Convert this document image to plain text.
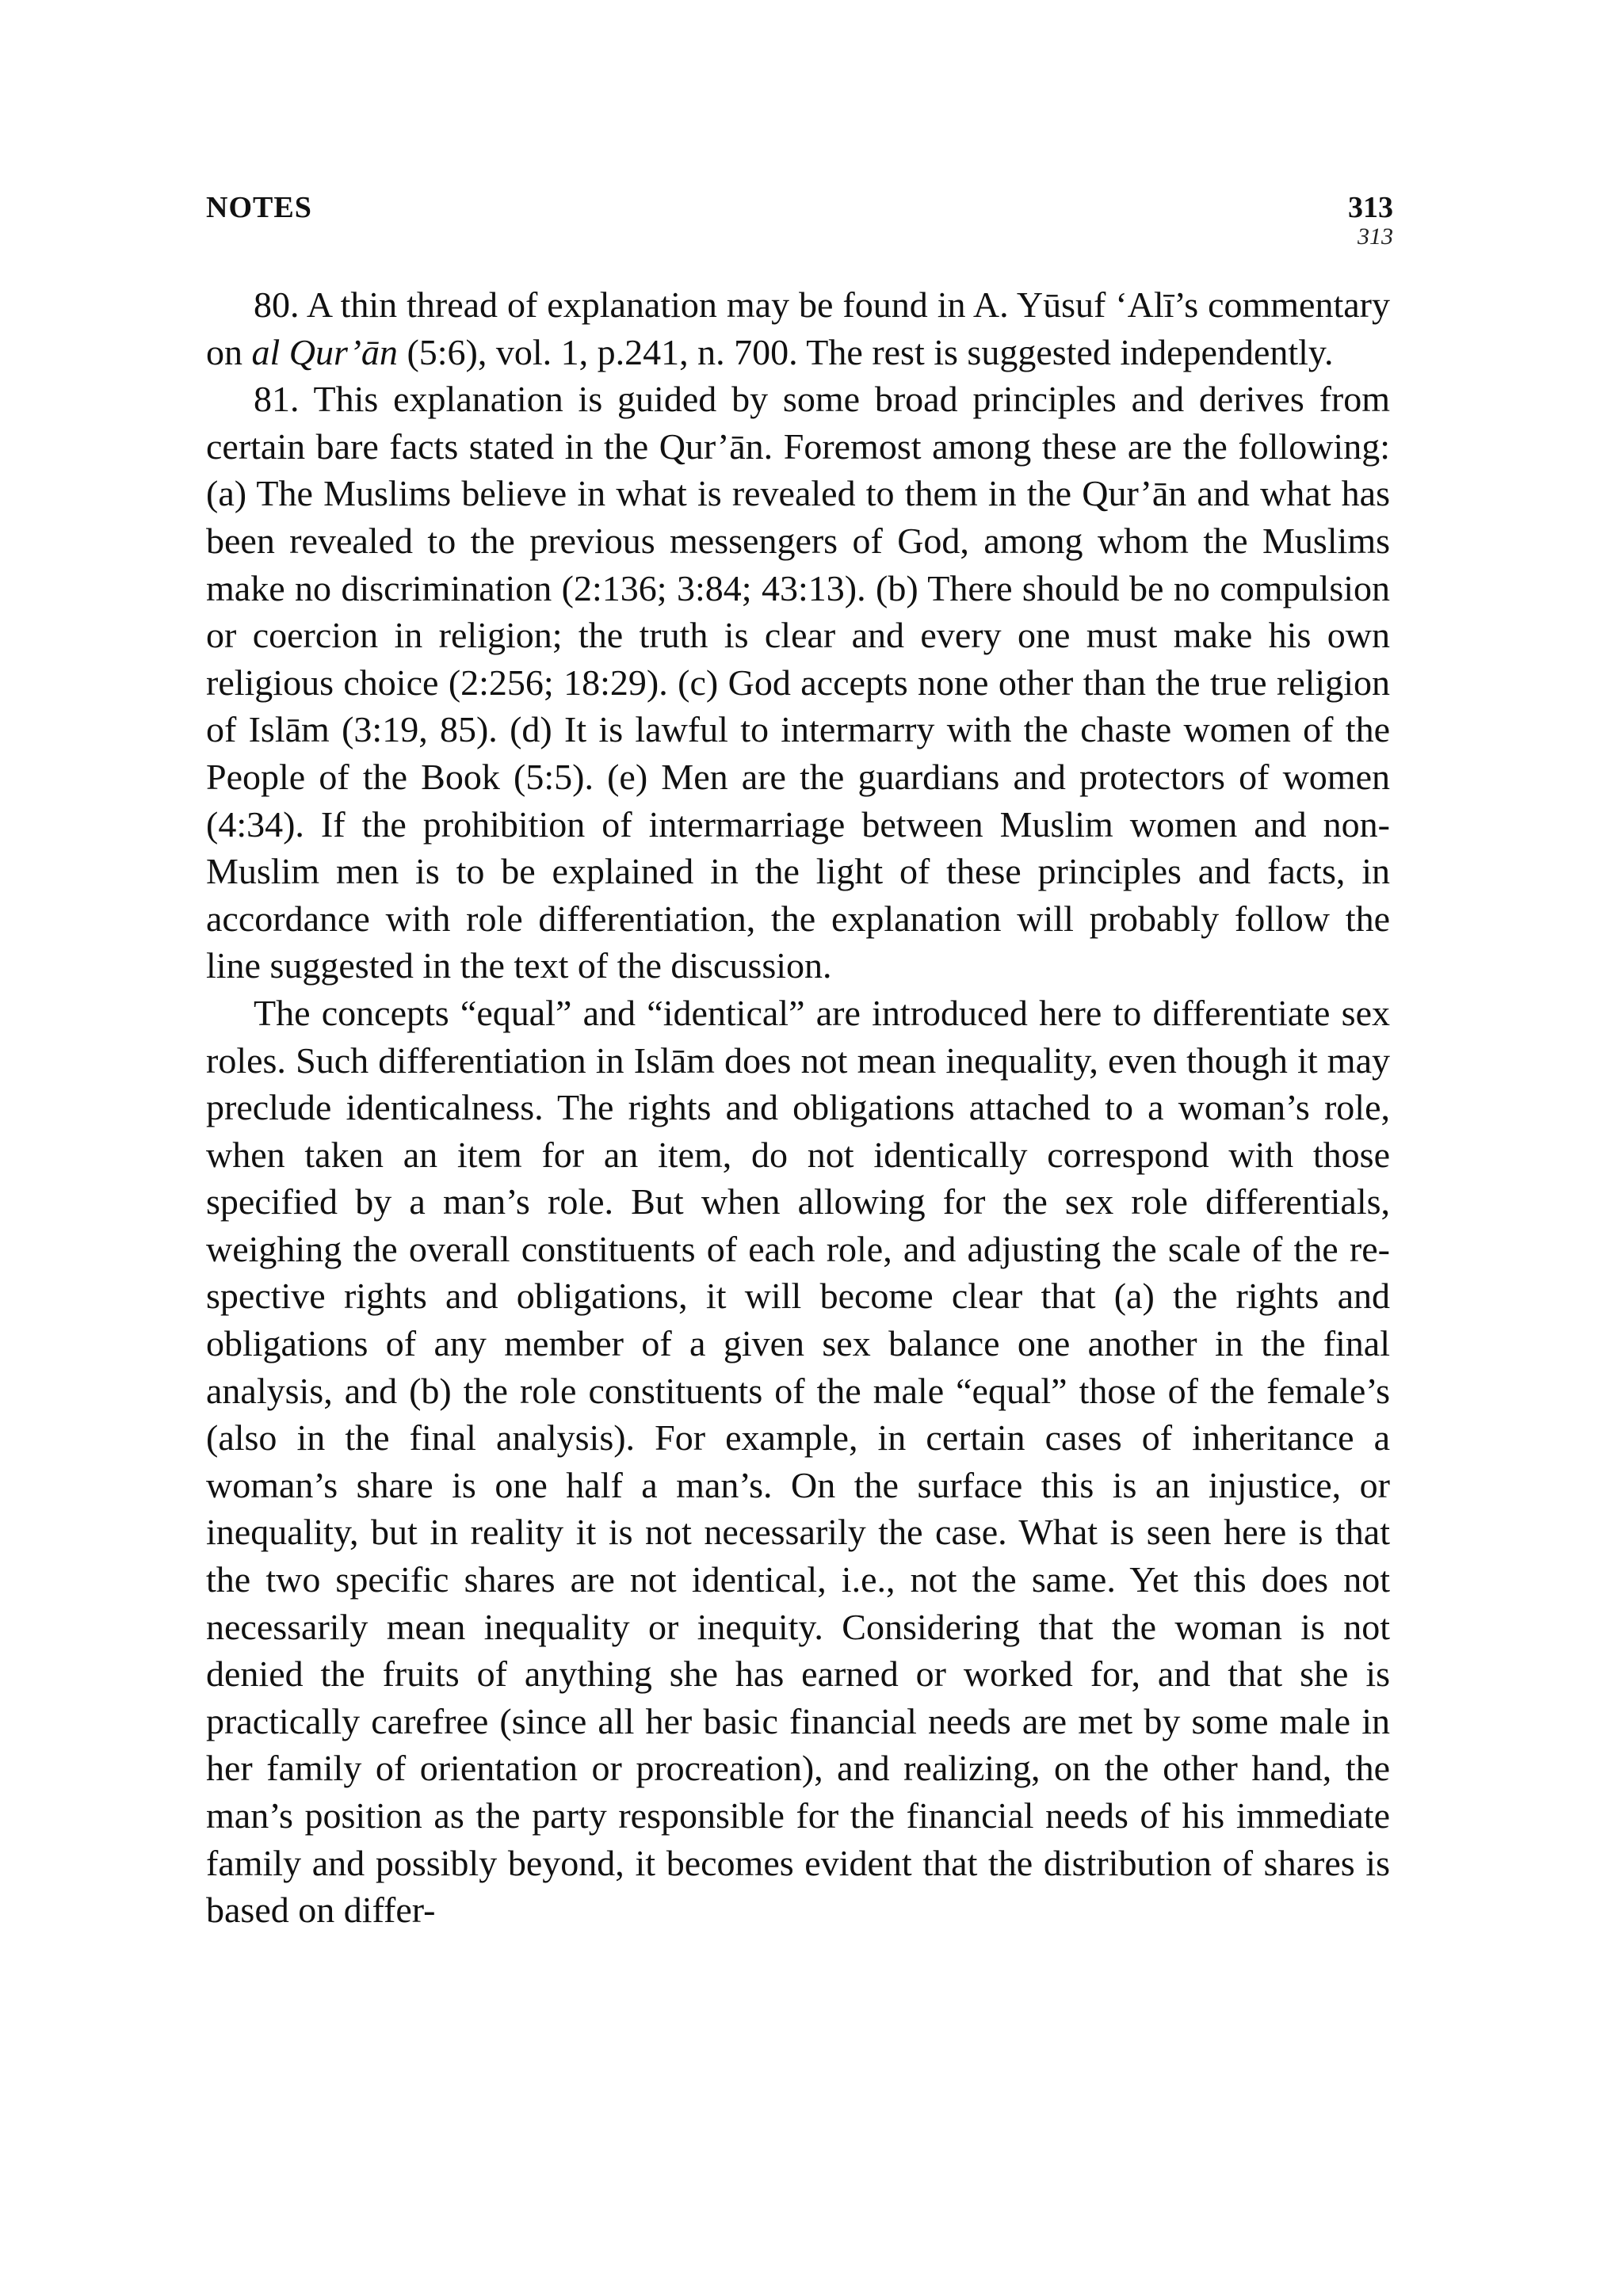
NOTES	313
313

80. A thin thread of explanation may be found in A. Yūsuf ‘Alī’s commentary on al Qur’ān (5:6), vol. 1, p.241, n. 700. The rest is suggested independently.

81. This explanation is guided by some broad principles and derives from certain bare facts stated in the Qur’ān. Foremost among these are the following: (a) The Muslims believe in what is revealed to them in the Qur’ān and what has been revealed to the previous messengers of God, among whom the Muslims make no discrimination (2:136; 3:84; 43:13). (b) There should be no compulsion or coercion in religion; the truth is clear and every one must make his own religious choice (2:256; 18:29). (c) God accepts none other than the true religion of Islām (3:19, 85). (d) It is lawful to intermarry with the chaste women of the People of the Book (5:5). (e) Men are the guardians and protectors of women (4:34). If the prohibition of intermarriage between Muslim women and non-Muslim men is to be explained in the light of these principles and facts, in accordance with role differentiation, the explanation will probably follow the line suggested in the text of the discussion.

The concepts “equal” and “identical” are introduced here to differentiate sex roles. Such differentiation in Islām does not mean inequality, even though it may preclude identicalness. The rights and obligations attached to a woman’s role, when taken an item for an item, do not identically correspond with those specified by a man’s role. But when allowing for the sex role differentials, weighing the overall constituents of each role, and adjusting the scale of the respective rights and obligations, it will become clear that (a) the rights and obligations of any member of a given sex balance one another in the final analysis, and (b) the role constituents of the male “equal” those of the female’s (also in the final analysis). For example, in certain cases of inheritance a woman’s share is one half a man’s. On the surface this is an injustice, or inequality, but in reality it is not necessarily the case. What is seen here is that the two specific shares are not identical, i.e., not the same. Yet this does not necessarily mean inequality or inequity. Considering that the woman is not denied the fruits of anything she has earned or worked for, and that she is practically carefree (since all her basic financial needs are met by some male in her family of orientation or procreation), and realizing, on the other hand, the man’s position as the party responsible for the financial needs of his immediate family and possibly beyond, it becomes evident that the distribution of shares is based on differ-
